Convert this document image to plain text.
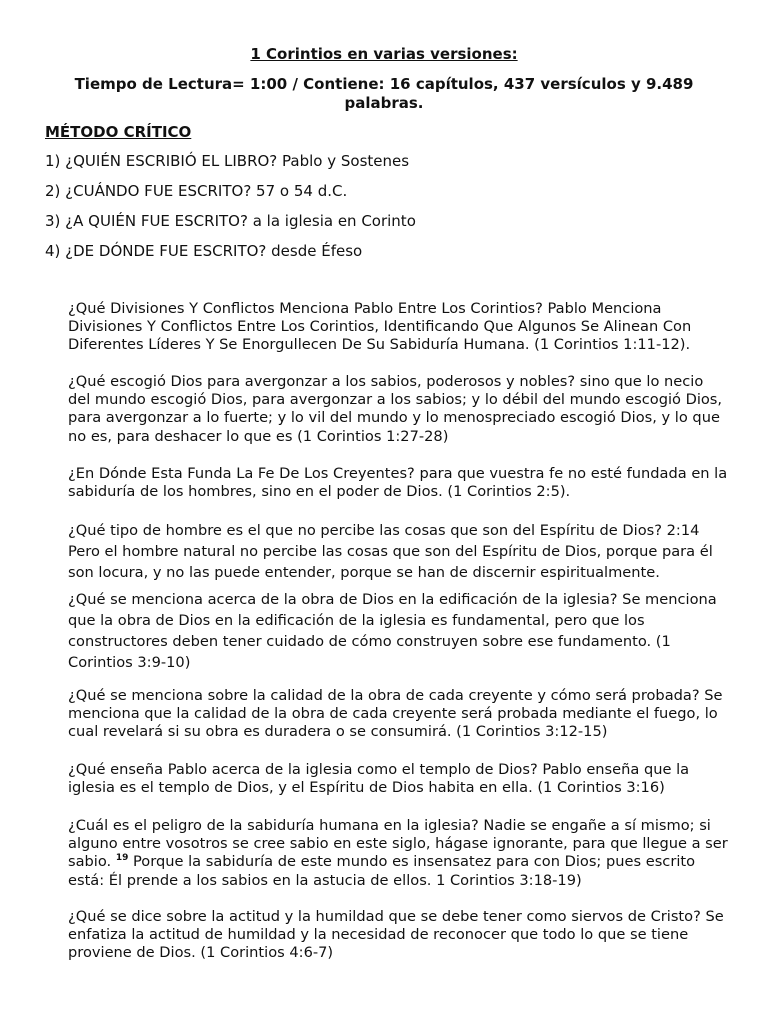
1 Corintios en varias versiones:

Tiempo de Lectura= 1:00 / Contiene: 16 capítulos, 437 versículos y 9.489 palabras.

MÉTODO CRÍTICO

1) ¿QUIÉN ESCRIBIÓ EL LIBRO? Pablo y Sostenes
2) ¿CUÁNDO FUE ESCRITO? 57 o 54 d.C.
3) ¿A QUIÉN FUE ESCRITO? a la iglesia en Corinto
4) ¿DE DÓNDE FUE ESCRITO? desde Éfeso

¿Qué Divisiones Y Conflictos Menciona Pablo Entre Los Corintios? Pablo Menciona Divisiones Y Conflictos Entre Los Corintios, Identificando Que Algunos Se Alinean Con Diferentes Líderes Y Se Enorgullecen De Su Sabiduría Humana. (1 Corintios 1:11-12).

¿Qué escogió Dios para avergonzar a los sabios, poderosos y nobles? sino que lo necio del mundo escogió Dios, para avergonzar a los sabios; y lo débil del mundo escogió Dios, para avergonzar a lo fuerte; y lo vil del mundo y lo menospreciado escogió Dios, y lo que no es, para deshacer lo que es (1 Corintios 1:27-28)

¿En Dónde Esta Funda La Fe De Los Creyentes? para que vuestra fe no esté fundada en la sabiduría de los hombres, sino en el poder de Dios. (1 Corintios 2:5).

¿Qué tipo de hombre es el que no percibe las cosas que son del Espíritu de Dios? 2:14 Pero el hombre natural no percibe las cosas que son del Espíritu de Dios, porque para él son locura, y no las puede entender, porque se han de discernir espiritualmente.

¿Qué se menciona acerca de la obra de Dios en la edificación de la iglesia? Se menciona que la obra de Dios en la edificación de la iglesia es fundamental, pero que los constructores deben tener cuidado de cómo construyen sobre ese fundamento. (1 Corintios 3:9-10)

¿Qué se menciona sobre la calidad de la obra de cada creyente y cómo será probada? Se menciona que la calidad de la obra de cada creyente será probada mediante el fuego, lo cual revelará si su obra es duradera o se consumirá. (1 Corintios 3:12-15)

¿Qué enseña Pablo acerca de la iglesia como el templo de Dios? Pablo enseña que la iglesia es el templo de Dios, y el Espíritu de Dios habita en ella. (1 Corintios 3:16)

¿Cuál es el peligro de la sabiduría humana en la iglesia? Nadie se engañe a sí mismo; si alguno entre vosotros se cree sabio en este siglo, hágase ignorante, para que llegue a ser sabio. $^{19}$ Porque la sabiduría de este mundo es insensatez para con Dios; pues escrito está: Él prende a los sabios en la astucia de ellos. 1 Corintios 3:18-19)

¿Qué se dice sobre la actitud y la humildad que se debe tener como siervos de Cristo? Se enfatiza la actitud de humildad y la necesidad de reconocer que todo lo que se tiene proviene de Dios. (1 Corintios 4:6-7)
